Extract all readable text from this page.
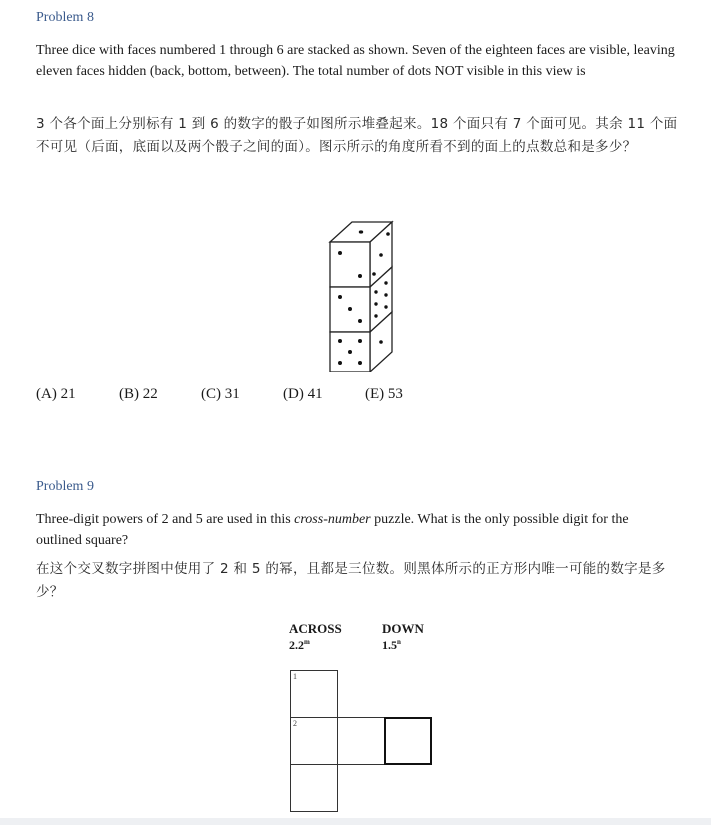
Problem 8
Three dice with faces numbered 1 through 6 are stacked as shown. Seven of the eighteen faces are visible, leaving eleven faces hidden (back, bottom, between). The total number of dots NOT visible in this view is
3 个各个面上分别标有 1 到 6 的数字的骰子如图所示堆叠起来。18 个面只有 7 个面可见。其余 11 个面不可见（后面，底面以及两个骰子之间的面）。图示所示的角度所看不到的面上的点数总和是多少？
(A) 21	(B) 22	(C) 31	(D) 41	(E) 53
Problem 9
Three-digit powers of 2 and 5 are used in this cross-number puzzle. What is the only possible digit for the outlined square?
在这个交叉数字拼图中使用了 2 和 5 的幂，且都是三位数。则黑体所示的正方形内唯一可能的数字是多少？
ACROSS	DOWN
2.2$^m$	1.5$^n$
1
2
